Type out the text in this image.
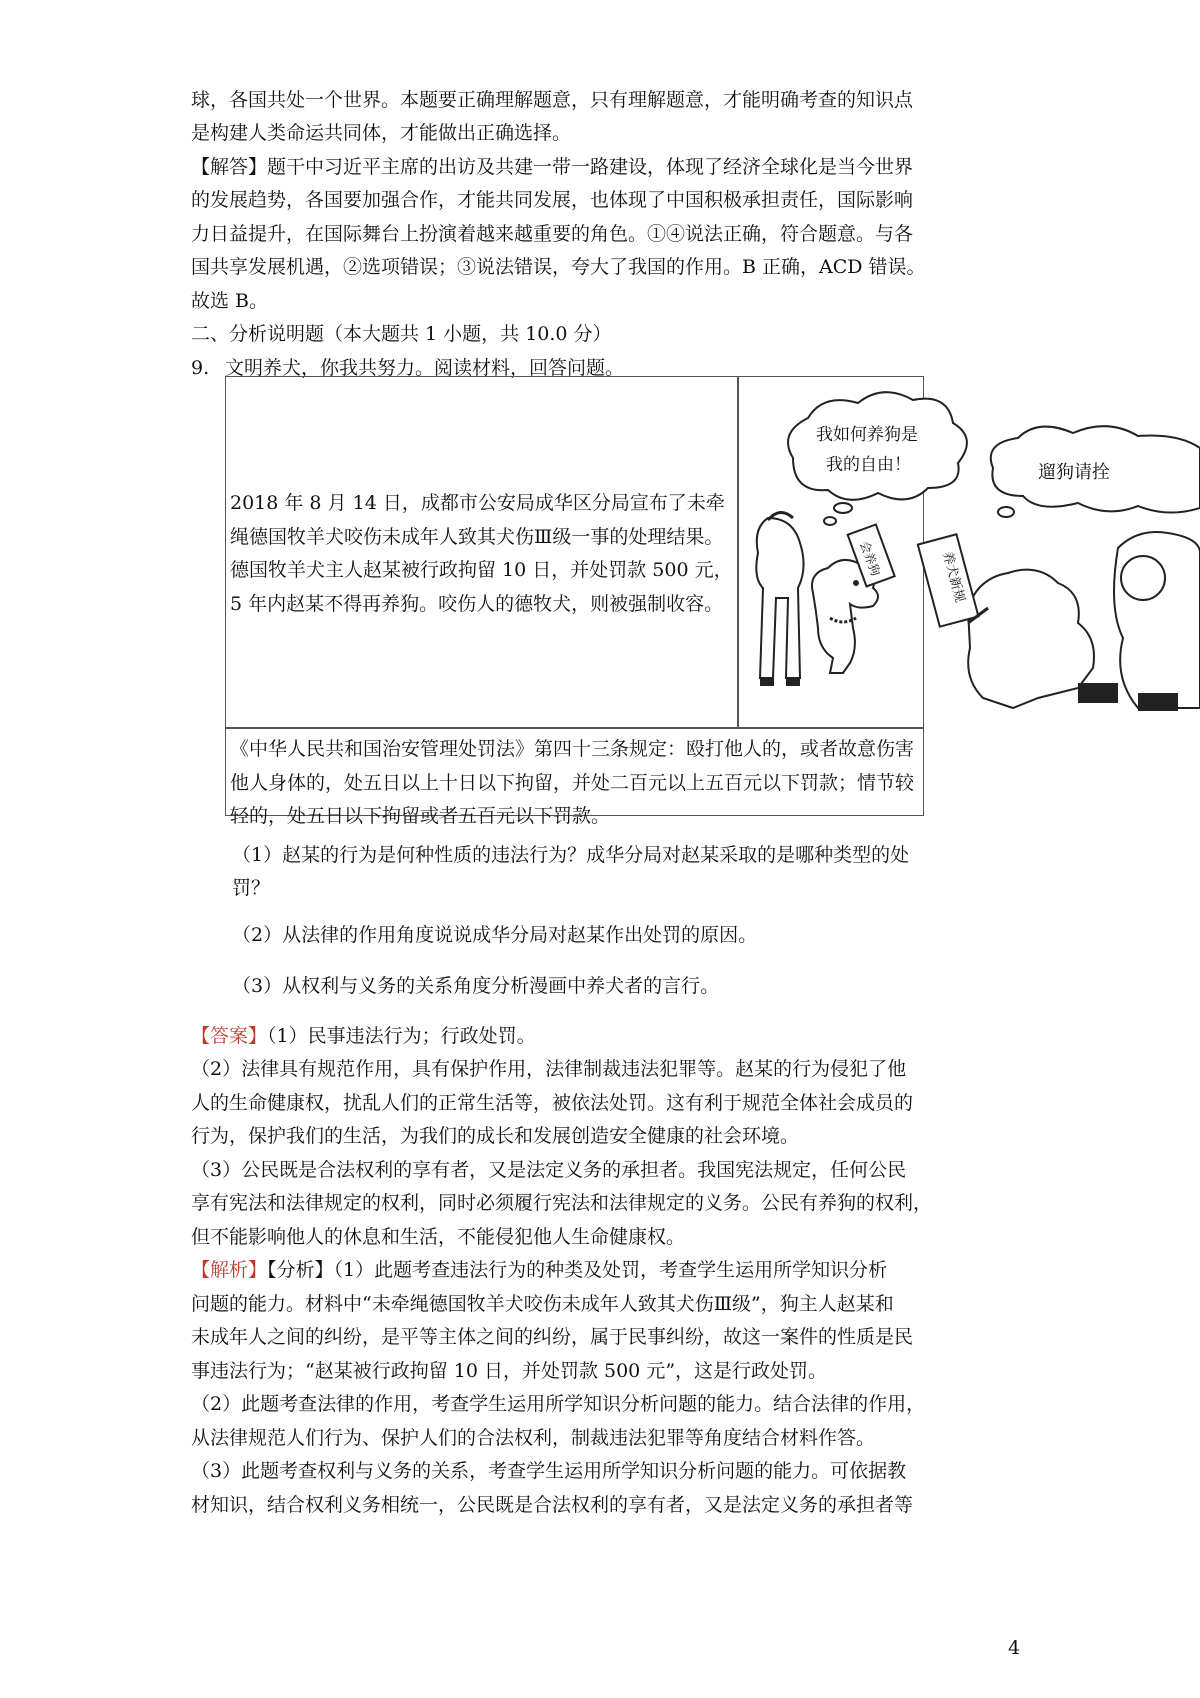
球，各国共处一个世界。本题要正确理解题意，只有理解题意，才能明确考查的知识点
是构建人类命运共同体，才能做出正确选择。
【解答】题干中习近平主席的出访及共建一带一路建设，体现了经济全球化是当今世界
的发展趋势，各国要加强合作，才能共同发展，也体现了中国积极承担责任，国际影响
力日益提升，在国际舞台上扮演着越来越重要的角色。①④说法正确，符合题意。与各
国共享发展机遇，②选项错误；③说法错误，夸大了我国的作用。B 正确，ACD 错误。
故选 B。
二、分析说明题（本大题共 1 小题，共 10.0 分）
9. 文明养犬，你我共努力。阅读材料，回答问题。
2018 年 8 月 14 日，成都市公安局成华区分局宣布了未牵绳德国牧羊犬咬伤未成年人致其犬伤Ⅲ级一事的处理结果。德国牧羊犬主人赵某被行政拘留 10 日，并处罚款 500 元，5 年内赵某不得再养狗。咬伤人的德牧犬，则被强制收容。
《中华人民共和国治安管理处罚法》第四十三条规定：殴打他人的，或者故意伤害他人身体的，处五日以上十日以下拘留，并处二百元以上五百元以下罚款；情节较轻的，处五日以下拘留或者五百元以下罚款。
我如何养狗是
我的自由！	遛狗请拴
会养狗	养犬新规
（1）赵某的行为是何种性质的违法行为？成华分局对赵某采取的是哪种类型的处
罚？
（2）从法律的作用角度说说成华分局对赵某作出处罚的原因。
（3）从权利与义务的关系角度分析漫画中养犬者的言行。
【答案】（1）民事违法行为；行政处罚。
（2）法律具有规范作用，具有保护作用，法律制裁违法犯罪等。赵某的行为侵犯了他
人的生命健康权，扰乱人们的正常生活等，被依法处罚。这有利于规范全体社会成员的
行为，保护我们的生活，为我们的成长和发展创造安全健康的社会环境。
（3）公民既是合法权利的享有者，又是法定义务的承担者。我国宪法规定，任何公民
享有宪法和法律规定的权利，同时必须履行宪法和法律规定的义务。公民有养狗的权利，
但不能影响他人的休息和生活，不能侵犯他人生命健康权。
【解析】【分析】（1）此题考查违法行为的种类及处罚，考查学生运用所学知识分析
问题的能力。材料中“未牵绳德国牧羊犬咬伤未成年人致其犬伤Ⅲ级”，狗主人赵某和
未成年人之间的纠纷，是平等主体之间的纠纷，属于民事纠纷，故这一案件的性质是民
事违法行为；“赵某被行政拘留 10 日，并处罚款 500 元”，这是行政处罚。
（2）此题考查法律的作用，考查学生运用所学知识分析问题的能力。结合法律的作用，
从法律规范人们行为、保护人们的合法权利，制裁违法犯罪等角度结合材料作答。
（3）此题考查权利与义务的关系，考查学生运用所学知识分析问题的能力。可依据教
材知识，结合权利义务相统一，公民既是合法权利的享有者，又是法定义务的承担者等
4
